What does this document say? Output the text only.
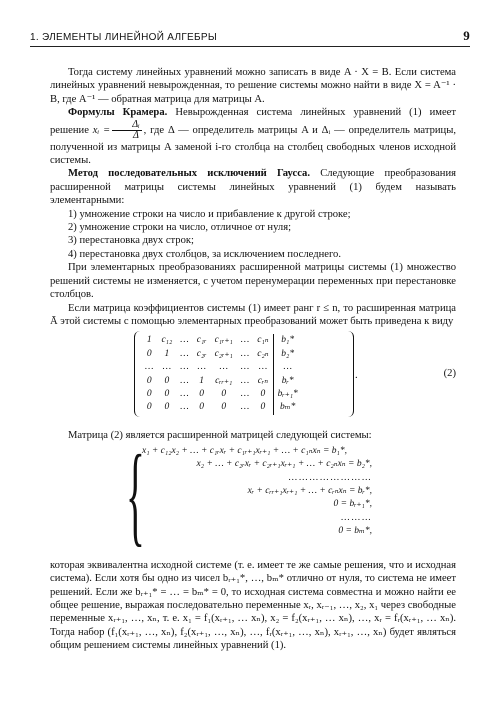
1. ЭЛЕМЕНТЫ ЛИНЕЙНОЙ АЛГЕБРЫ	9

Тогда систему линейных уравнений можно записать в виде A · X = B. Если система линейных уравнений невырожденная, то решение системы можно найти в виде X = A⁻¹ · B, где A⁻¹ — обратная матрица для матрицы A.

Формулы Крамера. Невырожденная система линейных уравнений (1) имеет решение xᵢ = $\frac{\text{Δᵢ}}{\Delta}$ , где Δ — определитель матрицы A и Δᵢ — определитель матрицы, полученной из матрицы A заменой i-го столбца на столбец свободных членов исходной системы.

Метод последовательных исключений Гаусса. Следующие преобразования расширенной матрицы системы линейных уравнений (1) будем называть элементарными:

1) умножение строки на число и прибавление к другой строке;
2) умножение строки на число, отличное от нуля;
3) перестановка двух строк;
4) перестановка двух столбцов, за исключением последнего.

При элементарных преобразованиях расширенной матрицы системы (1) множество решений системы не изменяется, с учетом перенумерации переменных при перестановке столбцов.

Если матрица коэффициентов системы (1) имеет ранг r ≤ n, то расширенная матрица Ā этой системы с помощью элементарных преобразований может быть приведена к виду

1	c₁₂	…	c₁ᵣ	c₁ᵣ₊₁	…	c₁ₙ	b₁*
0	1	…	c₂ᵣ	c₂ᵣ₊₁	…	c₂ₙ	b₂*
…	…	…	…	…	…	…	…
0	0	…	1	cᵣᵣ₊₁	…	cᵣₙ	bᵣ*
0	0	…	0	0	…	0	bᵣ₊₁*
0	0	…	0	0	…	0	bₘ*
.	(2)

Матрица (2) является расширенной матрицей следующей системы:

{
x₁ + c₁₂x₂ + … + c₁ᵣxᵣ + c₁ᵣ₊₁xᵣ₊₁ + … + c₁ₙxₙ = b₁*,
x₂ + … + c₂ᵣxᵣ + c₂ᵣ₊₁xᵣ₊₁ + … + c₂ₙxₙ = b₂*,
……………………
xᵣ + cᵣᵣ₊₁xᵣ₊₁ + … + cᵣₙxₙ = bᵣ*,
0 = bᵣ₊₁*,
………
0 = bₘ*,

которая эквивалентна исходной системе (т. е. имеет те же самые решения, что и исходная система). Если хотя бы одно из чисел bᵣ₊₁*, …, bₘ* отлично от нуля, то система не имеет решений. Если же bᵣ₊₁* = … = bₘ* = 0, то исходная система совместна и можно найти ее общее решение, выражая последовательно переменные xᵣ, xᵣ₋₁, …, x₂, x₁ через свободные переменные xᵣ₊₁, …, xₙ, т. е. x₁ = f₁(xᵣ₊₁, … xₙ), x₂ = f₂(xᵣ₊₁, … xₙ), …, xᵣ = fᵣ(xᵣ₊₁, … xₙ). Тогда набор (f₁(xᵣ₊₁, …, xₙ), f₂(xᵣ₊₁, …, xₙ), …, fᵣ(xᵣ₊₁, …, xₙ), xᵣ₊₁, …, xₙ) будет являться общим решением системы линейных уравнений (1).
